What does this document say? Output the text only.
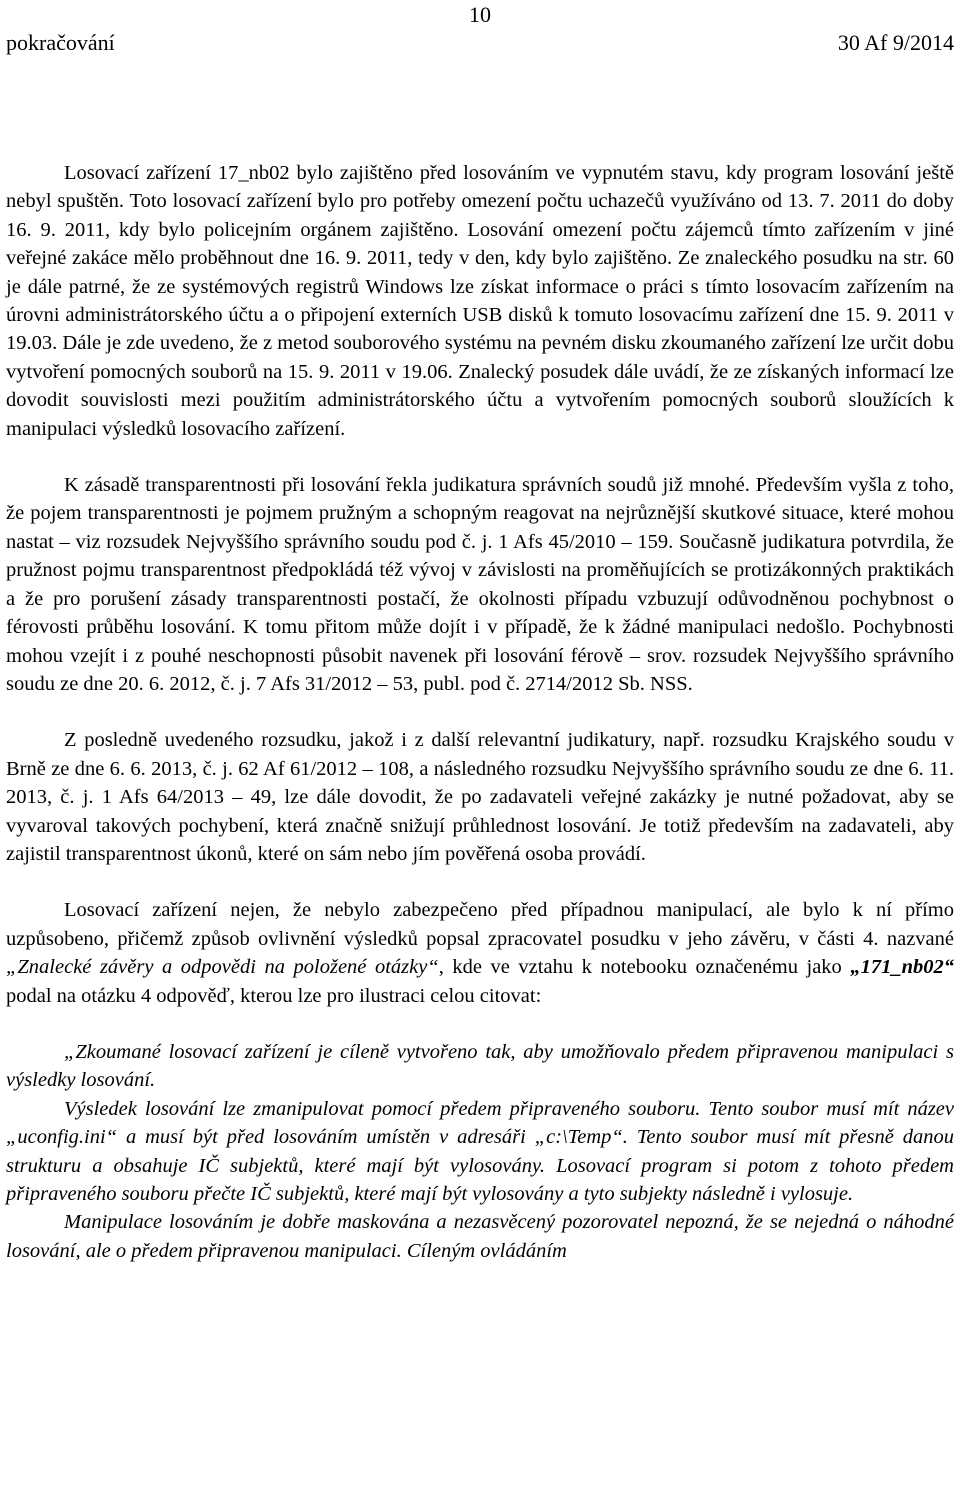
10
pokračování	30 Af 9/2014

Losovací zařízení 17_nb02 bylo zajištěno před losováním ve vypnutém stavu, kdy program losování ještě nebyl spuštěn. Toto losovací zařízení bylo pro potřeby omezení počtu uchazečů využíváno od 13. 7. 2011 do doby 16. 9. 2011, kdy bylo policejním orgánem zajištěno. Losování omezení počtu zájemců tímto zařízením v jiné veřejné zakáce mělo proběhnout dne 16. 9. 2011, tedy v den, kdy bylo zajištěno. Ze znaleckého posudku na str. 60 je dále patrné, že ze systémových registrů Windows lze získat informace o práci s tímto losovacím zařízením na úrovni administrátorského účtu a o připojení externích USB disků k tomuto losovacímu zařízení dne 15. 9. 2011 v 19.03. Dále je zde uvedeno, že z metod souborového systému na pevném disku zkoumaného zařízení lze určit dobu vytvoření pomocných souborů na 15. 9. 2011 v 19.06. Znalecký posudek dále uvádí, že ze získaných informací lze dovodit souvislosti mezi použitím administrátorského účtu a vytvořením pomocných souborů sloužících k manipulaci výsledků losovacího zařízení.

K zásadě transparentnosti při losování řekla judikatura správních soudů již mnohé. Především vyšla z toho, že pojem transparentnosti je pojmem pružným a schopným reagovat na nejrůznější skutkové situace, které mohou nastat – viz rozsudek Nejvyššího správního soudu pod č. j. 1 Afs 45/2010 – 159. Současně judikatura potvrdila, že pružnost pojmu transparentnost předpokládá též vývoj v závislosti na proměňujících se protizákonných praktikách a že pro porušení zásady transparentnosti postačí, že okolnosti případu vzbuzují odůvodněnou pochybnost o férovosti průběhu losování. K tomu přitom může dojít i v případě, že k žádné manipulaci nedošlo. Pochybnosti mohou vzejít i z pouhé neschopnosti působit navenek při losování férově – srov. rozsudek Nejvyššího správního soudu ze dne 20. 6. 2012, č. j. 7 Afs 31/2012 – 53, publ. pod č. 2714/2012 Sb. NSS.

Z posledně uvedeného rozsudku, jakož i z další relevantní judikatury, např. rozsudku Krajského soudu v Brně ze dne 6. 6. 2013, č. j. 62 Af 61/2012 – 108, a následného rozsudku Nejvyššího správního soudu ze dne 6. 11. 2013, č. j. 1 Afs 64/2013 – 49, lze dále dovodit, že po zadavateli veřejné zakázky je nutné požadovat, aby se vyvaroval takových pochybení, která značně snižují průhlednost losování. Je totiž především na zadavateli, aby zajistil transparentnost úkonů, které on sám nebo jím pověřená osoba provádí.

Losovací zařízení nejen, že nebylo zabezpečeno před případnou manipulací, ale bylo k ní přímo uzpůsobeno, přičemž způsob ovlivnění výsledků popsal zpracovatel posudku v jeho závěru, v části 4. nazvané „Znalecké závěry a odpovědi na položené otázky“, kde ve vztahu k notebooku označenému jako „171_nb02“ podal na otázku 4 odpověď, kterou lze pro ilustraci celou citovat:

„Zkoumané losovací zařízení je cíleně vytvořeno tak, aby umožňovalo předem připravenou manipulaci s výsledky losování.

Výsledek losování lze zmanipulovat pomocí předem připraveného souboru. Tento soubor musí mít název „uconfig.ini“ a musí být před losováním umístěn v adresáři „c:\Temp“. Tento soubor musí mít přesně danou strukturu a obsahuje IČ subjektů, které mají být vylosovány. Losovací program si potom z tohoto předem připraveného souboru přečte IČ subjektů, které mají být vylosovány a tyto subjekty následně i vylosuje.

Manipulace losováním je dobře maskována a nezasvěcený pozorovatel nepozná, že se nejedná o náhodné losování, ale o předem připravenou manipulaci. Cíleným ovládáním
